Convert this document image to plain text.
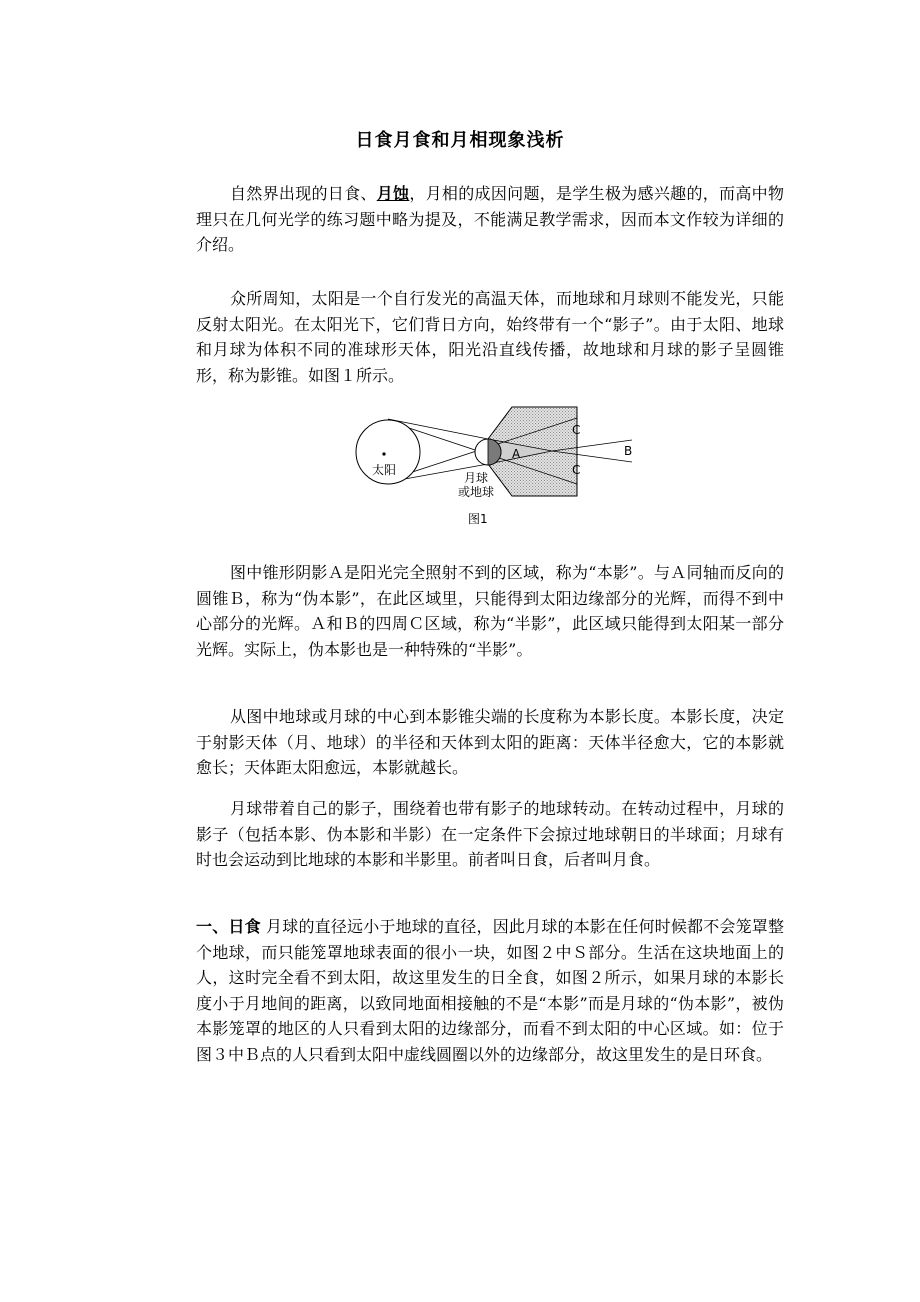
日食月食和月相现象浅析

自然界出现的日食、月蚀，月相的成因问题，是学生极为感兴趣的，而高中物理只在几何光学的练习题中略为提及，不能满足教学需求，因而本文作较为详细的介绍。

众所周知，太阳是一个自行发光的高温天体，而地球和月球则不能发光，只能反射太阳光。在太阳光下，它们背日方向，始终带有一个“影子”。由于太阳、地球和月球为体积不同的准球形天体，阳光沿直线传播，故地球和月球的影子呈圆锥形，称为影锥。如图１所示。

太阳
A	B
C
C
月球
或地球
图1

图中锥形阴影Ａ是阳光完全照射不到的区域，称为“本影”。与Ａ同轴而反向的圆锥Ｂ，称为“伪本影”，在此区域里，只能得到太阳边缘部分的光辉，而得不到中心部分的光辉。Ａ和Ｂ的四周Ｃ区域，称为“半影”，此区域只能得到太阳某一部分光辉。实际上，伪本影也是一种特殊的“半影”。

从图中地球或月球的中心到本影锥尖端的长度称为本影长度。本影长度，决定于射影天体（月、地球）的半径和天体到太阳的距离：天体半径愈大，它的本影就愈长；天体距太阳愈远，本影就越长。

月球带着自己的影子，围绕着也带有影子的地球转动。在转动过程中，月球的影子（包括本影、伪本影和半影）在一定条件下会掠过地球朝日的半球面；月球有时也会运动到比地球的本影和半影里。前者叫日食，后者叫月食。

一、日食 月球的直径远小于地球的直径，因此月球的本影在任何时候都不会笼罩整个地球，而只能笼罩地球表面的很小一块，如图２中Ｓ部分。生活在这块地面上的人，这时完全看不到太阳，故这里发生的日全食，如图２所示，如果月球的本影长度小于月地间的距离，以致同地面相接触的不是“本影”而是月球的“伪本影”，被伪本影笼罩的地区的人只看到太阳的边缘部分，而看不到太阳的中心区域。如：位于图３中Ｂ点的人只看到太阳中虚线圆圈以外的边缘部分，故这里发生的是日环食。
